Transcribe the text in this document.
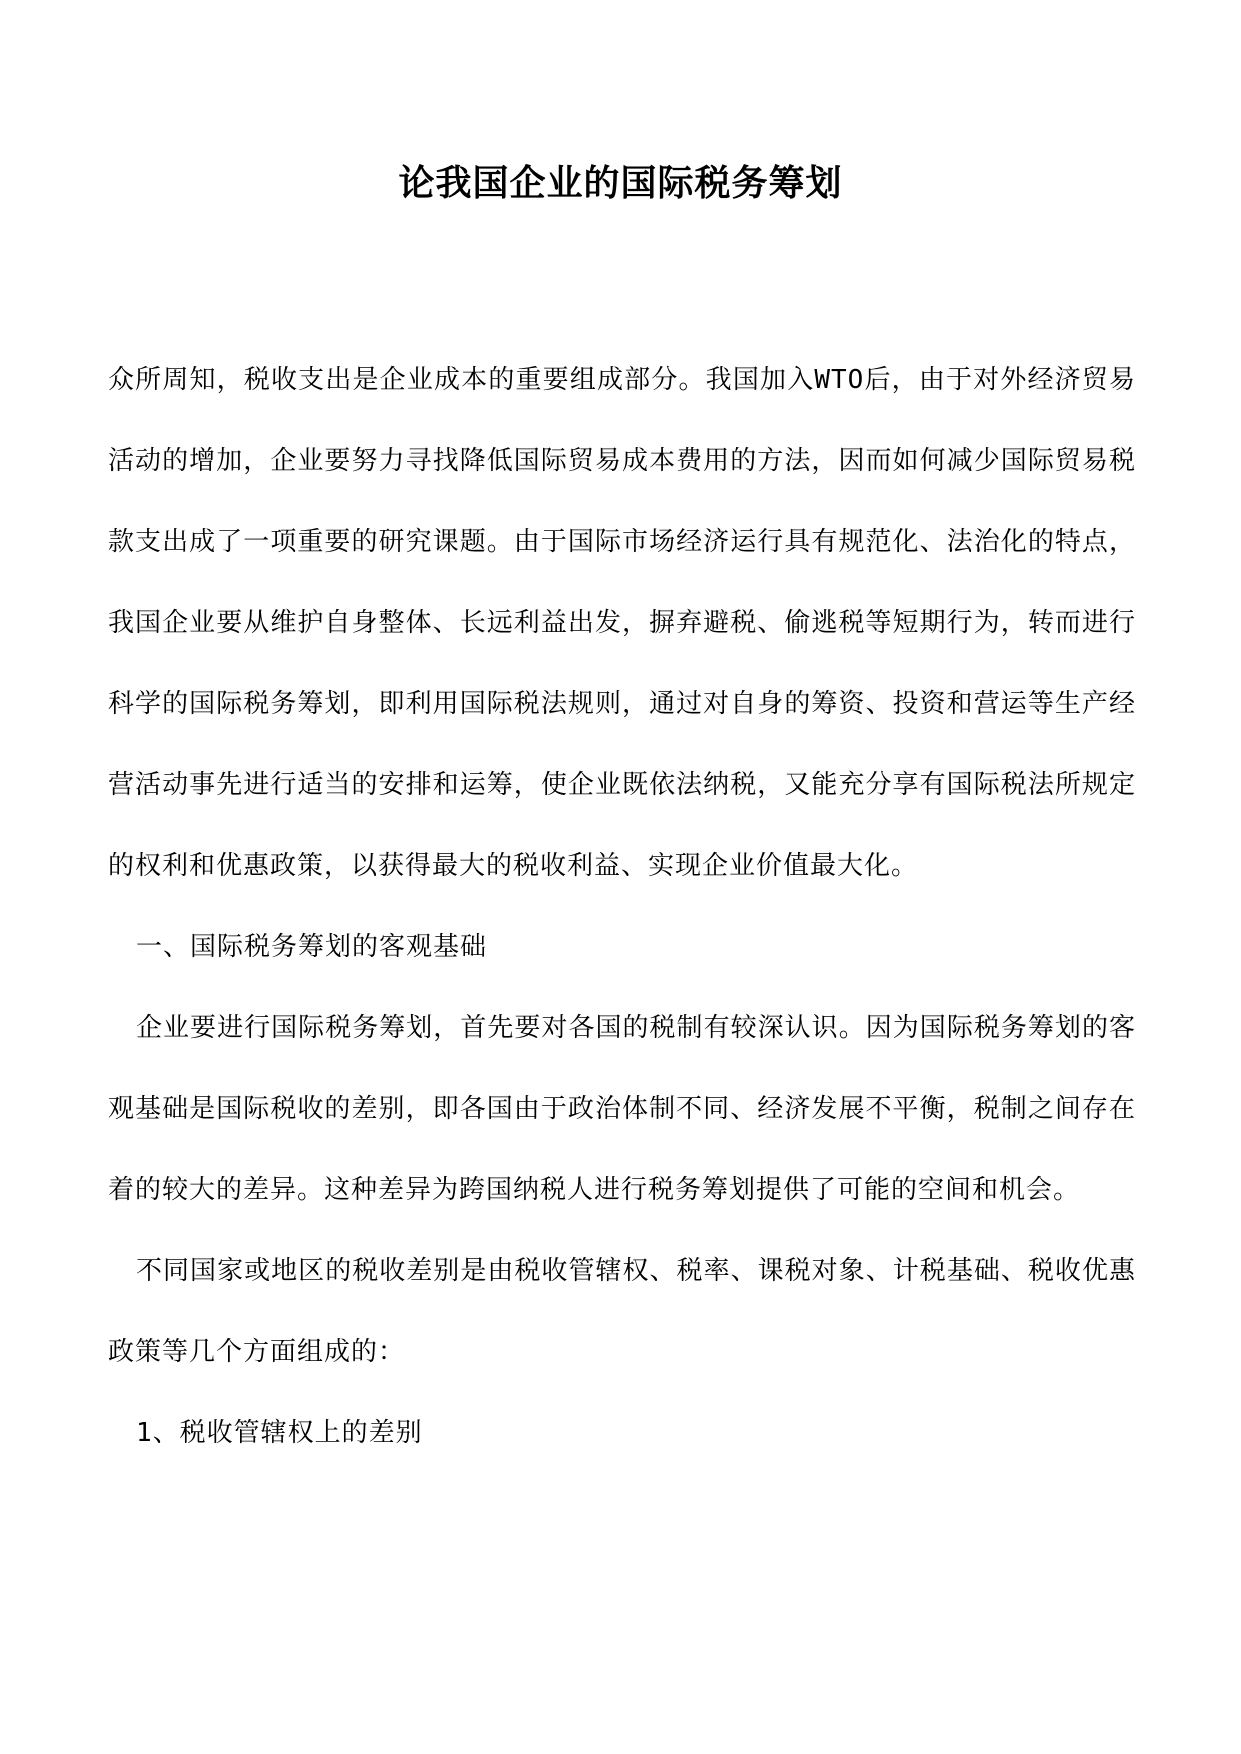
论我国企业的国际税务筹划

众所周知，税收支出是企业成本的重要组成部分。我国加入WTO后，由于对外经济贸易活动的增加，企业要努力寻找降低国际贸易成本费用的方法，因而如何减少国际贸易税款支出成了一项重要的研究课题。由于国际市场经济运行具有规范化、法治化的特点，我国企业要从维护自身整体、长远利益出发，摒弃避税、偷逃税等短期行为，转而进行科学的国际税务筹划，即利用国际税法规则，通过对自身的筹资、投资和营运等生产经营活动事先进行适当的安排和运筹，使企业既依法纳税，又能充分享有国际税法所规定的权利和优惠政策，以获得最大的税收利益、实现企业价值最大化。

一、国际税务筹划的客观基础

企业要进行国际税务筹划，首先要对各国的税制有较深认识。因为国际税务筹划的客观基础是国际税收的差别，即各国由于政治体制不同、经济发展不平衡，税制之间存在着的较大的差异。这种差异为跨国纳税人进行税务筹划提供了可能的空间和机会。

不同国家或地区的税收差别是由税收管辖权、税率、课税对象、计税基础、税收优惠政策等几个方面组成的：

1、税收管辖权上的差别
